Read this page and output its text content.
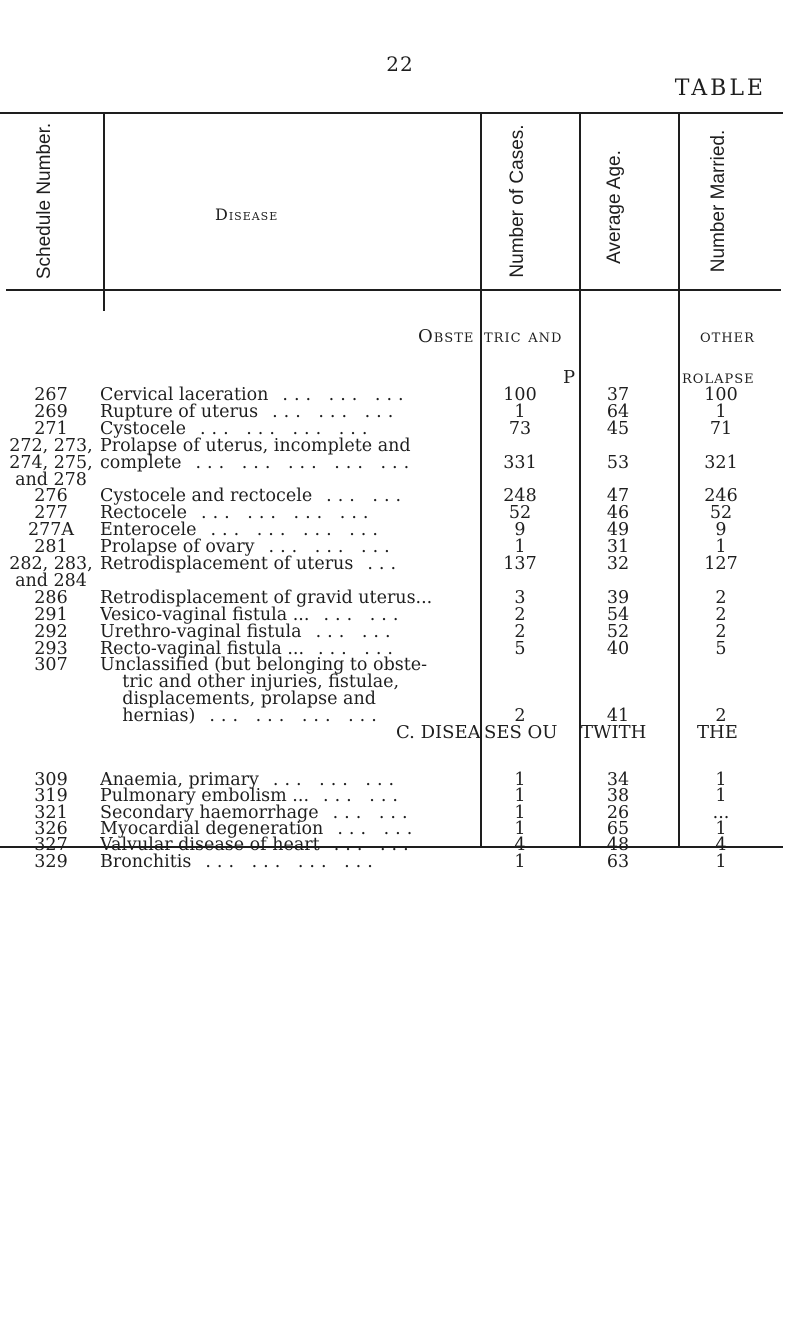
22
TABLE
Schedule Number.	Disease	Number of Cases.	Average Age.	Number Married.
Obste tric and	other
P	rolapse
267	Cervical laceration ... ... ...	100	37	100
269	Rupture of uterus ... ... ...	1	64	1
271	Cystocele ... ... ... ...	73	45	71
272, 273, Prolapse of uterus, incomplete and
274, 275, complete ... ... ... ... ...	331	53	321
and 278
276	Cystocele and rectocele ... ...	248	47	246
277	Rectocele ... ... ... ...	52	46	52
277A	Enterocele ... ... ... ...	9	49	9
281	Prolapse of ovary ... ... ...	1	31	1
282, 283, Retrodisplacement of uterus ...	137	32	127
and 284
286	Retrodisplacement of gravid uterus...	3	39	2
291	Vesico-vaginal fistula ... ... ...	2	54	2
292	Urethro-vaginal fistula ... ...	2	52	2
293	Recto-vaginal fistula ... ... ...	5	40	5
307	Unclassified (but belonging to obste-
tric and other injuries, fistulae,
displacements, prolapse and
hernias) ... ... ... ...	2	41	2
C. DISEA SES OU TWITH	THE
309	Anaemia, primary ... ... ...	1	34	1
319	Pulmonary embolism ... ... ...	1	38	1
321	Secondary haemorrhage ... ...	1	26	...
326	Myocardial degeneration ... ...	1	65	1
327	Valvular disease of heart ... ...	4	48	4
329	Bronchitis ... ... ... ...	1	63	1
